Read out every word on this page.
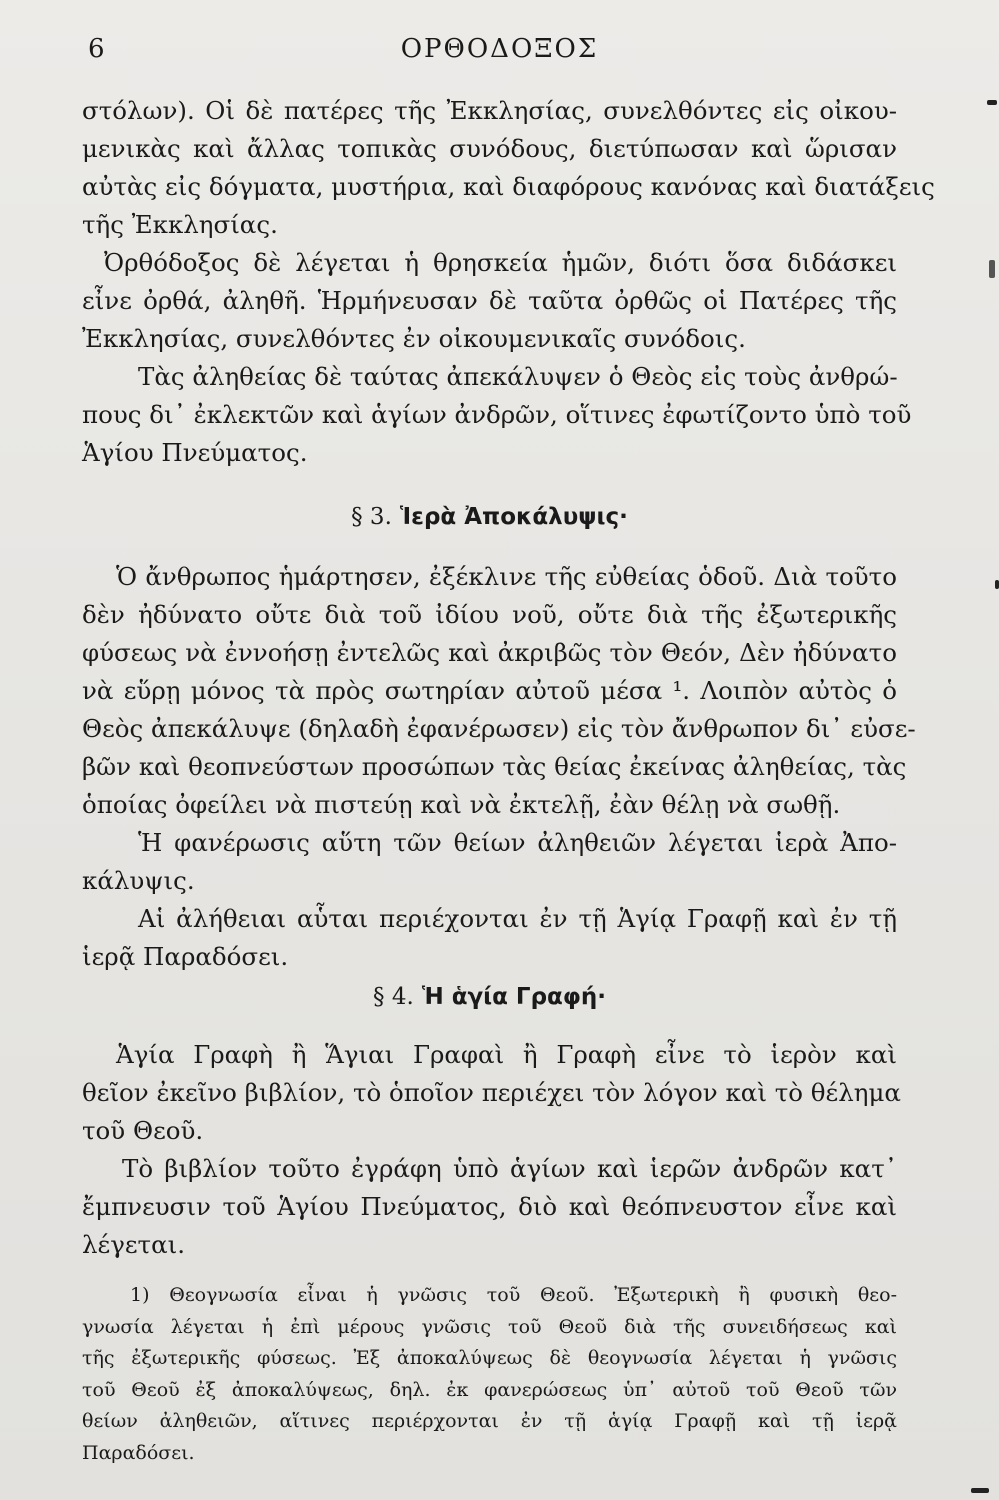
6	ΟΡΘΟΔΟΞΟΣ
στόλων). Οἱ δὲ πατέρες τῆς Ἐκκλησίας, συνελθόντες εἰς οἰκου-
μενικὰς καὶ ἄλλας τοπικὰς συνόδους, διετύπωσαν καὶ ὥρισαν
αὐτὰς εἰς δόγματα, μυστήρια, καὶ διαφόρους κανόνας καὶ διατάξεις
τῆς Ἐκκλησίας.
Ὀρθόδοξος δὲ λέγεται ἡ θρησκεία ἡμῶν, διότι ὅσα διδάσκει
εἶνε ὀρθά, ἀληθῆ. Ἡρμήνευσαν δὲ ταῦτα ὀρθῶς οἱ Πατέρες τῆς
Ἐκκλησίας, συνελθόντες ἐν οἰκουμενικαῖς συνόδοις.
Τὰς ἀληθείας δὲ ταύτας ἀπεκάλυψεν ὁ Θεὸς εἰς τοὺς ἀνθρώ-
πους δι᾽ ἐκλεκτῶν καὶ ἁγίων ἀνδρῶν, οἵτινες ἐφωτίζοντο ὑπὸ τοῦ
Ἁγίου Πνεύματος.
§ 3. Ἱερὰ Ἀποκάλυψις·
Ὁ ἄνθρωπος ἡμάρτησεν, ἐξέκλινε τῆς εὐθείας ὁδοῦ. Διὰ τοῦτο
δὲν ἠδύνατο οὔτε διὰ τοῦ ἰδίου νοῦ, οὔτε διὰ τῆς ἐξωτερικῆς
φύσεως νὰ ἐννοήσῃ ἐντελῶς καὶ ἀκριβῶς τὸν Θεόν, Δὲν ἠδύνατο
νὰ εὕρῃ μόνος τὰ πρὸς σωτηρίαν αὐτοῦ μέσα ¹. Λοιπὸν αὐτὸς ὁ
Θεὸς ἀπεκάλυψε (δηλαδὴ ἐφανέρωσεν) εἰς τὸν ἄνθρωπον δι᾽ εὐσε-
βῶν καὶ θεοπνεύστων προσώπων τὰς θείας ἐκείνας ἀληθείας, τὰς
ὁποίας ὀφείλει νὰ πιστεύῃ καὶ νὰ ἐκτελῇ, ἐὰν θέλῃ νὰ σωθῇ.
Ἡ φανέρωσις αὕτη τῶν θείων ἀληθειῶν λέγεται ἱερὰ Ἀπο-
κάλυψις.
Αἱ ἀλήθειαι αὗται περιέχονται ἐν τῇ Ἁγίᾳ Γραφῇ καὶ ἐν τῇ
ἱερᾷ Παραδόσει.
§ 4. Ἡ ἁγία Γραφή·
Ἁγία Γραφὴ ἢ Ἅγιαι Γραφαὶ ἢ Γραφὴ εἶνε τὸ ἱερὸν καὶ
θεῖον ἐκεῖνο βιβλίον, τὸ ὁποῖον περιέχει τὸν λόγον καὶ τὸ θέλημα
τοῦ Θεοῦ.
Τὸ βιβλίον τοῦτο ἐγράφη ὑπὸ ἁγίων καὶ ἱερῶν ἀνδρῶν κατ᾽
ἔμπνευσιν τοῦ Ἁγίου Πνεύματος, διὸ καὶ θεόπνευστον εἶνε καὶ
λέγεται.
1) Θεογνωσία εἶναι ἡ γνῶσις τοῦ Θεοῦ. Ἐξωτερικὴ ἢ φυσικὴ θεο-
γνωσία λέγεται ἡ ἐπὶ μέρους γνῶσις τοῦ Θεοῦ διὰ τῆς συνειδήσεως καὶ
τῆς ἐξωτερικῆς φύσεως. Ἐξ ἀποκαλύψεως δὲ θεογνωσία λέγεται ἡ γνῶσις
τοῦ Θεοῦ ἐξ ἀποκαλύψεως, δηλ. ἐκ φανερώσεως ὑπ᾽ αὐτοῦ τοῦ Θεοῦ τῶν
θείων ἀληθειῶν, αἵτινες περιέρχονται ἐν τῇ ἁγίᾳ Γραφῇ καὶ τῇ ἱερᾷ
Παραδόσει.
